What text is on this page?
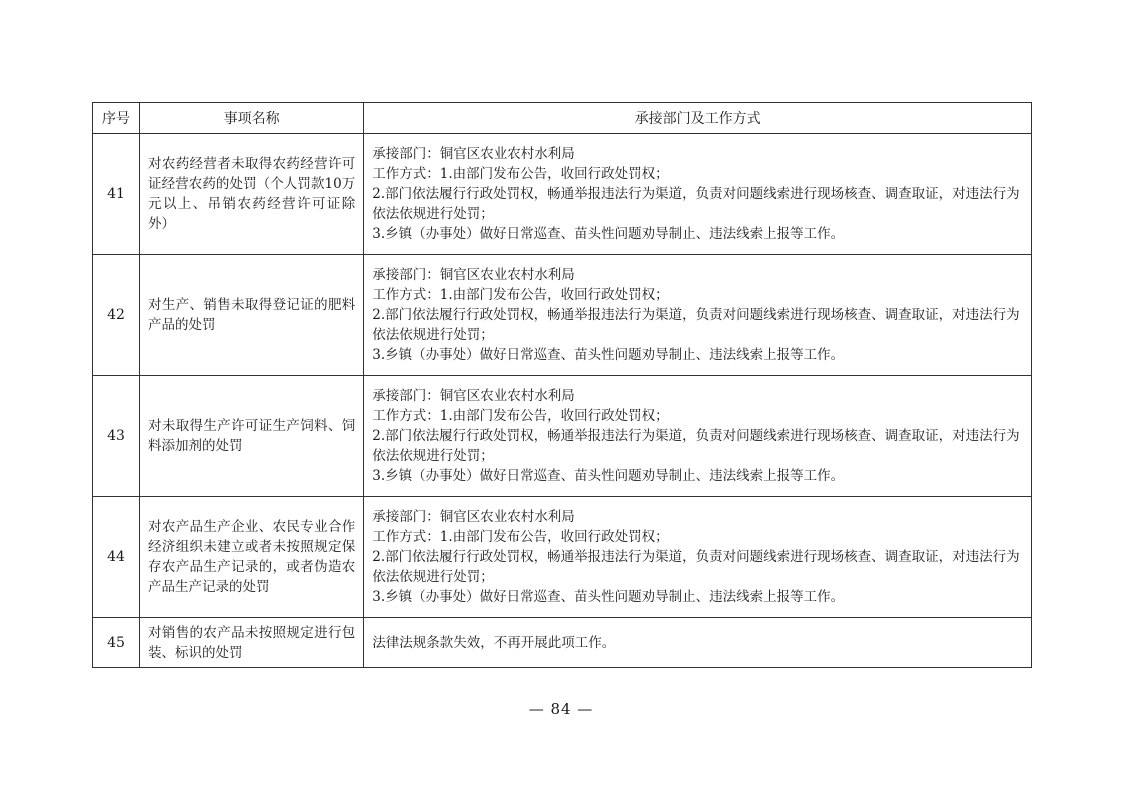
序号	事项名称	承接部门及工作方式
41	对农药经营者未取得农药经营许可证经营农药的处罚（个人罚款10万元以上、吊销农药经营许可证除外）	承接部门：铜官区农业农村水利局
工作方式：1.由部门发布公告，收回行政处罚权；
2.部门依法履行行政处罚权，畅通举报违法行为渠道，负责对问题线索进行现场核查、调查取证，对违法行为依法依规进行处罚；
3.乡镇（办事处）做好日常巡查、苗头性问题劝导制止、违法线索上报等工作。

42	对生产、销售未取得登记证的肥料产品的处罚	承接部门：铜官区农业农村水利局
工作方式：1.由部门发布公告，收回行政处罚权；
2.部门依法履行行政处罚权，畅通举报违法行为渠道，负责对问题线索进行现场核查、调查取证，对违法行为依法依规进行处罚；
3.乡镇（办事处）做好日常巡查、苗头性问题劝导制止、违法线索上报等工作。

43	对未取得生产许可证生产饲料、饲料添加剂的处罚	承接部门：铜官区农业农村水利局
工作方式：1.由部门发布公告，收回行政处罚权；
2.部门依法履行行政处罚权，畅通举报违法行为渠道，负责对问题线索进行现场核查、调查取证，对违法行为依法依规进行处罚；
3.乡镇（办事处）做好日常巡查、苗头性问题劝导制止、违法线索上报等工作。

44	对农产品生产企业、农民专业合作经济组织未建立或者未按照规定保存农产品生产记录的，或者伪造农产品生产记录的处罚	承接部门：铜官区农业农村水利局
工作方式：1.由部门发布公告，收回行政处罚权；
2.部门依法履行行政处罚权，畅通举报违法行为渠道，负责对问题线索进行现场核查、调查取证，对违法行为依法依规进行处罚；
3.乡镇（办事处）做好日常巡查、苗头性问题劝导制止、违法线索上报等工作。

45	对销售的农产品未按照规定进行包装、标识的处罚	法律法规条款失效，不再开展此项工作。
— 84 —
